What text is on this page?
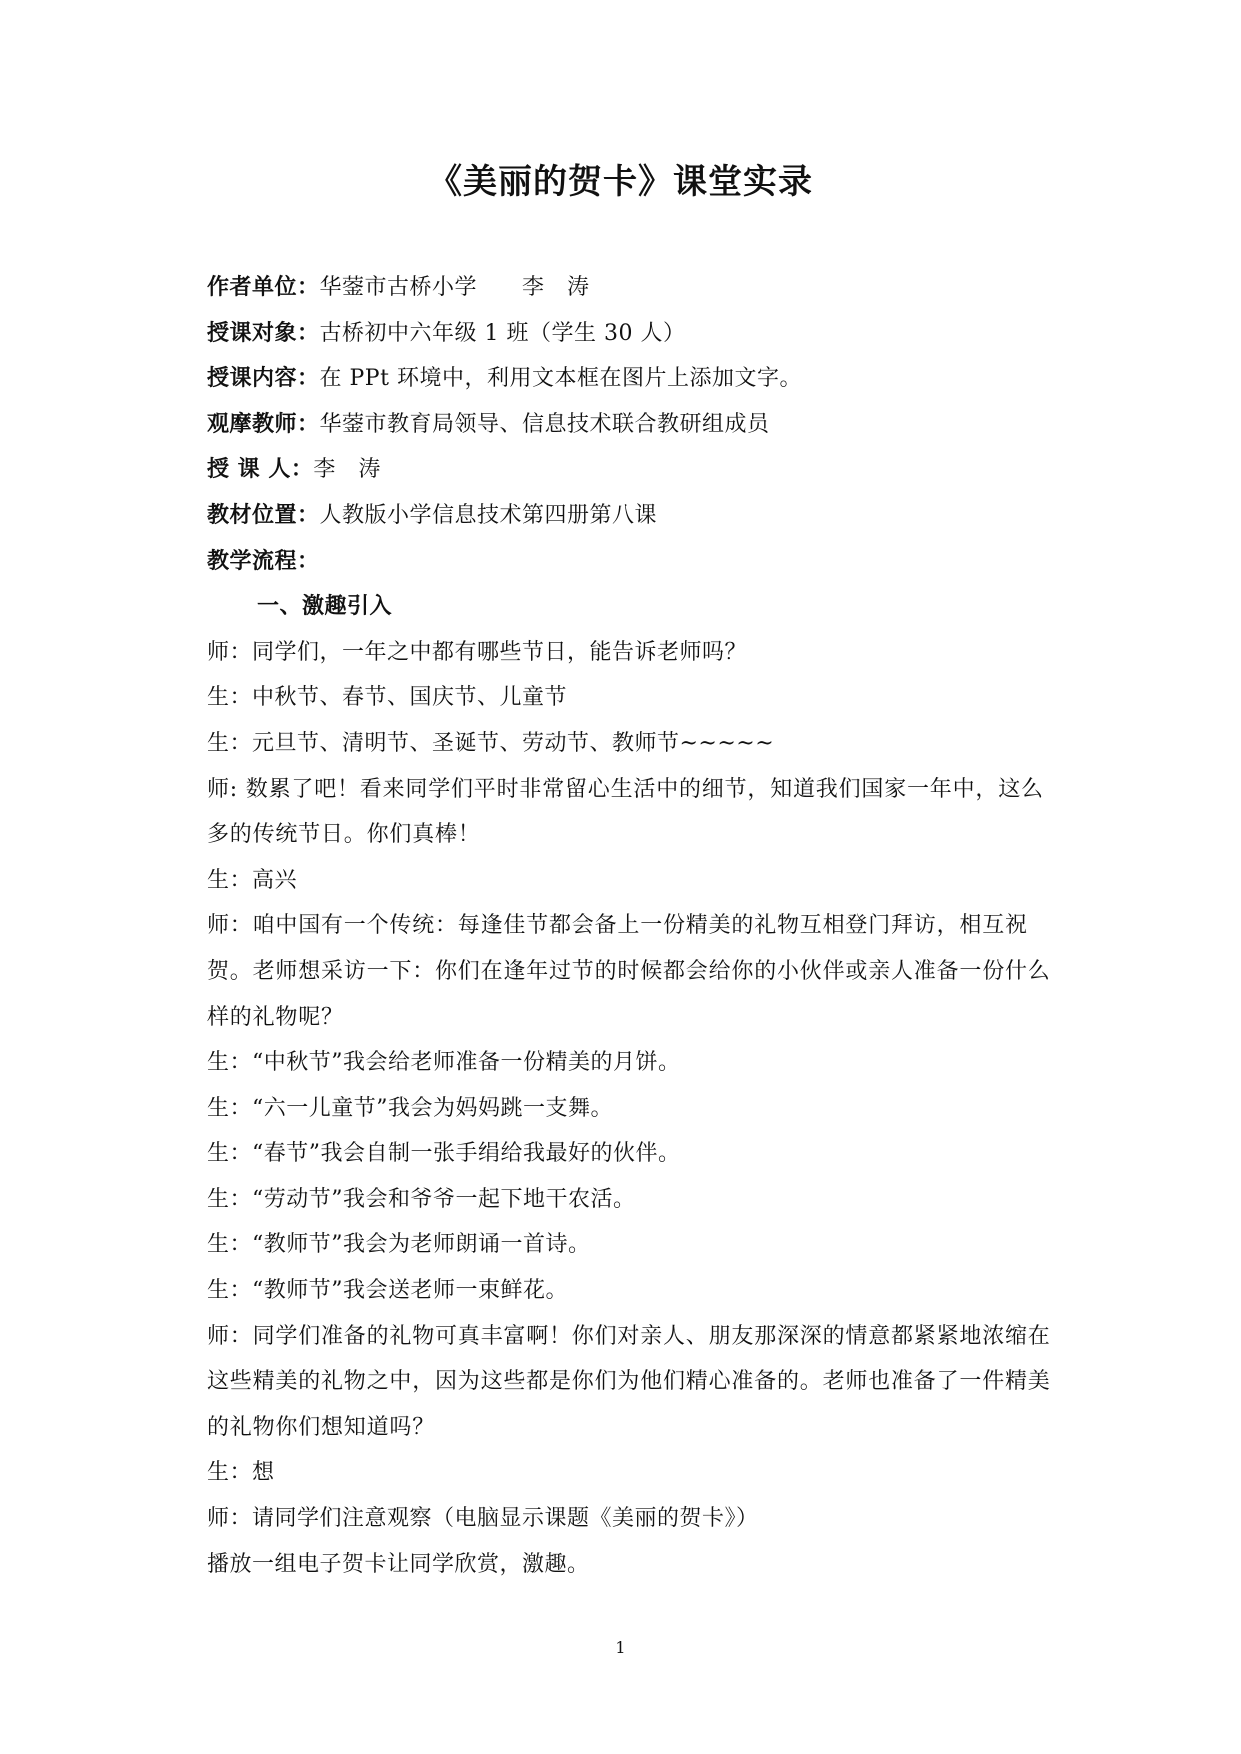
《美丽的贺卡》课堂实录
作者单位：华蓥市古桥小学　　李　涛
授课对象：古桥初中六年级 1 班（学生 30 人）
授课内容：在 PPt 环境中，利用文本框在图片上添加文字。
观摩教师：华蓥市教育局领导、信息技术联合教研组成员
授 课 人：李　涛
教材位置：人教版小学信息技术第四册第八课
教学流程：
一、激趣引入
师：同学们，一年之中都有哪些节日，能告诉老师吗？
生：中秋节、春节、国庆节、儿童节
生：元旦节、清明节、圣诞节、劳动节、教师节~~~~~
师: 数累了吧！看来同学们平时非常留心生活中的细节，知道我们国家一年中，这么多的传统节日。你们真棒！
生：高兴
师：咱中国有一个传统：每逢佳节都会备上一份精美的礼物互相登门拜访，相互祝贺。老师想采访一下：你们在逢年过节的时候都会给你的小伙伴或亲人准备一份什么样的礼物呢？
生：“中秋节”我会给老师准备一份精美的月饼。
生：“六一儿童节”我会为妈妈跳一支舞。
生：“春节”我会自制一张手绢给我最好的伙伴。
生：“劳动节”我会和爷爷一起下地干农活。
生：“教师节”我会为老师朗诵一首诗。
生：“教师节”我会送老师一束鲜花。
师：同学们准备的礼物可真丰富啊！你们对亲人、朋友那深深的情意都紧紧地浓缩在这些精美的礼物之中，因为这些都是你们为他们精心准备的。老师也准备了一件精美的礼物你们想知道吗？
生：想
师：请同学们注意观察（电脑显示课题《美丽的贺卡》）
播放一组电子贺卡让同学欣赏，激趣。
1
